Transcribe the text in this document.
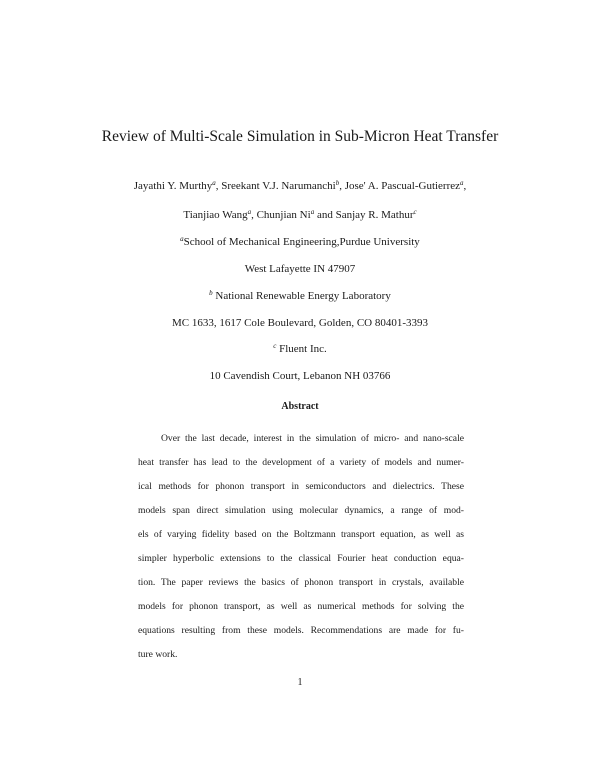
Review of Multi-Scale Simulation in Sub-Micron Heat Transfer
Jayathi Y. Murthy$^a$, Sreekant V.J. Narumanchi$^b$, Jose' A. Pascual-Gutierrez$^a$,
Tianjiao Wang$^a$, Chunjian Ni$^a$ and Sanjay R. Mathur$^c$
$^a$School of Mechanical Engineering,Purdue University
West Lafayette IN 47907
$^b$ National Renewable Energy Laboratory
MC 1633, 1617 Cole Boulevard, Golden, CO 80401-3393
$^c$ Fluent Inc.
10 Cavendish Court, Lebanon NH 03766
Abstract
Over the last decade, interest in the simulation of micro- and nano-scale
heat transfer has lead to the development of a variety of models and numer-
ical methods for phonon transport in semiconductors and dielectrics. These
models span direct simulation using molecular dynamics, a range of mod-
els of varying fidelity based on the Boltzmann transport equation, as well as
simpler hyperbolic extensions to the classical Fourier heat conduction equa-
tion. The paper reviews the basics of phonon transport in crystals, available
models for phonon transport, as well as numerical methods for solving the
equations resulting from these models. Recommendations are made for fu-
ture work.
1
